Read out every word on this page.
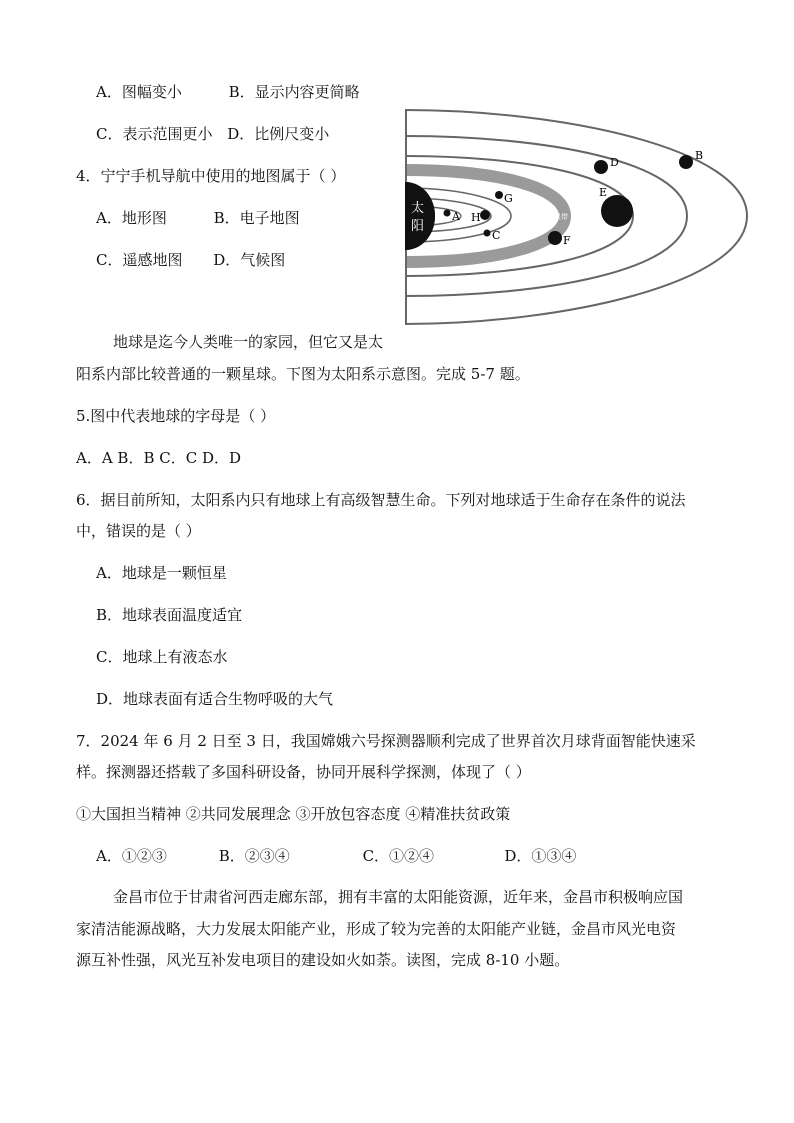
A．图幅变小	B．显示内容更简略
C．表示范围更小 D．比例尺变小
4．宁宁手机导航中使用的地图属于（ ）
A．地形图	B．电子地图
C．遥感地图 D．气候图
太
阳
小行星带
A H
C
G
F
E
D
B
地球是迄今人类唯一的家园，但它又是太
阳系内部比较普通的一颗星球。下图为太阳系示意图。完成 5-7 题。
5.图中代表地球的字母是（ ）
A．A B．B C．C D．D
6．据目前所知，太阳系内只有地球上有高级智慧生命。下列对地球适于生命存在条件的说法
中，错误的是（ ）
A．地球是一颗恒星
B．地球表面温度适宜
C．地球上有液态水
D．地球表面有适合生物呼吸的大气
7．2024 年 6 月 2 日至 3 日，我国嫦娥六号探测器顺利完成了世界首次月球背面智能快速采
样。探测器还搭载了多国科研设备，协同开展科学探测，体现了（ ）
①大国担当精神 ②共同发展理念 ③开放包容态度 ④精准扶贫政策
A．①②③	B．②③④	C．①②④	D．①③④
金昌市位于甘肃省河西走廊东部，拥有丰富的太阳能资源，近年来，金昌市积极响应国
家清洁能源战略，大力发展太阳能产业，形成了较为完善的太阳能产业链，金昌市风光电资
源互补性强，风光互补发电项目的建设如火如荼。读图，完成 8-10 小题。
